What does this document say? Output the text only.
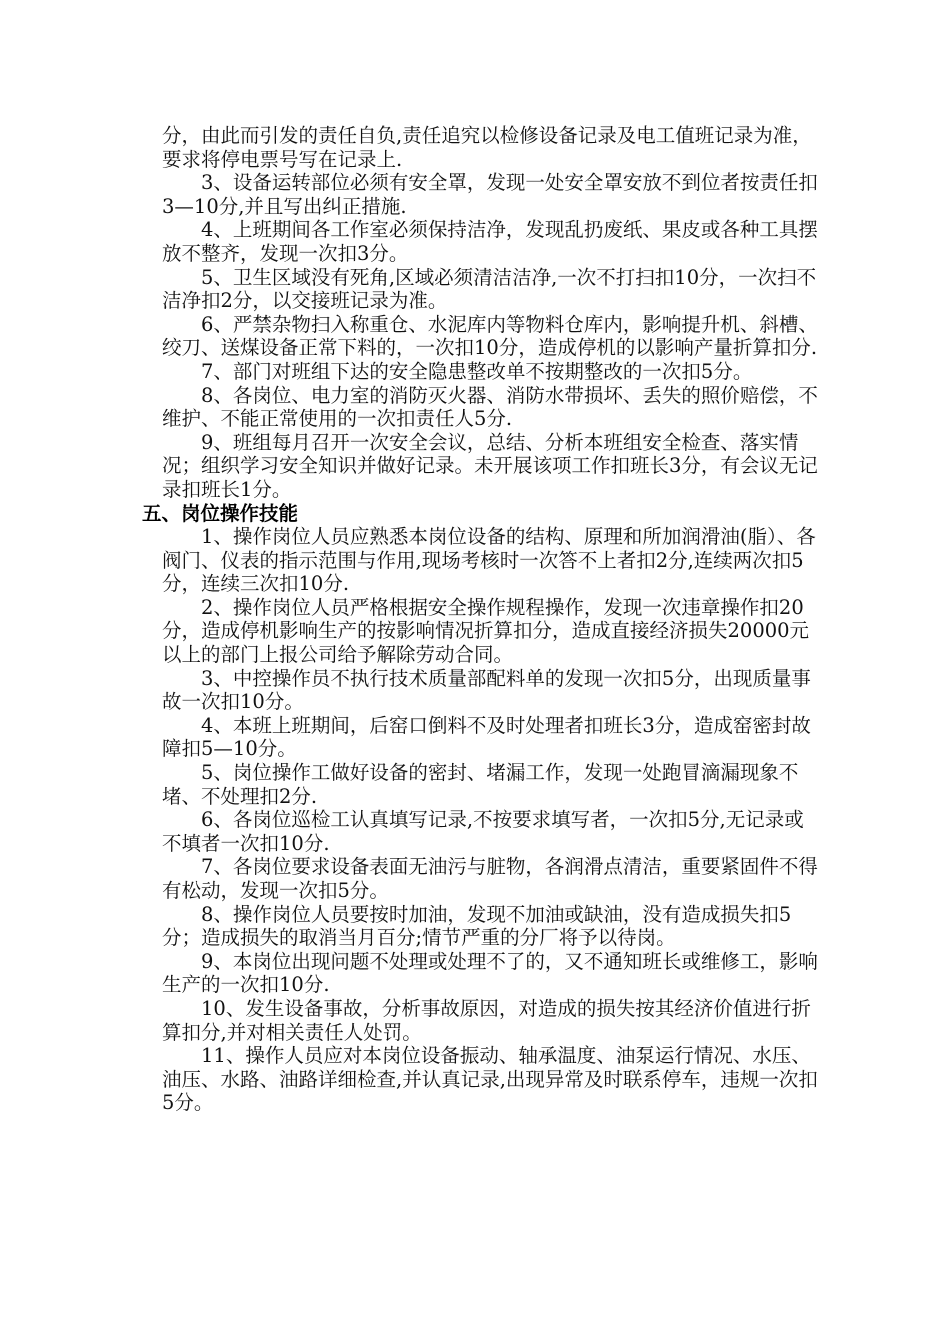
分，由此而引发的责任自负,责任追究以检修设备记录及电工值班记录为准，要求将停电票号写在记录上.

3、设备运转部位必须有安全罩，发现一处安全罩安放不到位者按责任扣3—10分,并且写出纠正措施.

4、上班期间各工作室必须保持洁净，发现乱扔废纸、果皮或各种工具摆放不整齐，发现一次扣3分。

5、卫生区域没有死角,区域必须清洁洁净,一次不打扫扣10分，一次扫不洁净扣2分，以交接班记录为准。

6、严禁杂物扫入称重仓、水泥库内等物料仓库内，影响提升机、斜槽、绞刀、送煤设备正常下料的，一次扣10分，造成停机的以影响产量折算扣分.

7、部门对班组下达的安全隐患整改单不按期整改的一次扣5分。

8、各岗位、电力室的消防灭火器、消防水带损坏、丢失的照价赔偿，不维护、不能正常使用的一次扣责任人5分.

9、班组每月召开一次安全会议，总结、分析本班组安全检查、落实情况；组织学习安全知识并做好记录。未开展该项工作扣班长3分，有会议无记录扣班长1分。

五、岗位操作技能

1、操作岗位人员应熟悉本岗位设备的结构、原理和所加润滑油(脂）、各阀门、仪表的指示范围与作用,现场考核时一次答不上者扣2分,连续两次扣5分，连续三次扣10分.

2、操作岗位人员严格根据安全操作规程操作，发现一次违章操作扣20分，造成停机影响生产的按影响情况折算扣分，造成直接经济损失20000元以上的部门上报公司给予解除劳动合同。

3、中控操作员不执行技术质量部配料单的发现一次扣5分，出现质量事故一次扣10分。

4、本班上班期间，后窑口倒料不及时处理者扣班长3分，造成窑密封故障扣5—10分。

5、岗位操作工做好设备的密封、堵漏工作，发现一处跑冒滴漏现象不堵、不处理扣2分.

6、各岗位巡检工认真填写记录,不按要求填写者，一次扣5分,无记录或不填者一次扣10分.

7、各岗位要求设备表面无油污与脏物，各润滑点清洁，重要紧固件不得有松动，发现一次扣5分。

8、操作岗位人员要按时加油，发现不加油或缺油，没有造成损失扣5分；造成损失的取消当月百分;情节严重的分厂将予以待岗。

9、本岗位出现问题不处理或处理不了的，又不通知班长或维修工，影响生产的一次扣10分.

10、发生设备事故，分析事故原因，对造成的损失按其经济价值进行折算扣分,并对相关责任人处罚。

11、操作人员应对本岗位设备振动、轴承温度、油泵运行情况、水压、油压、水路、油路详细检查,并认真记录,出现异常及时联系停车，违规一次扣5分。
